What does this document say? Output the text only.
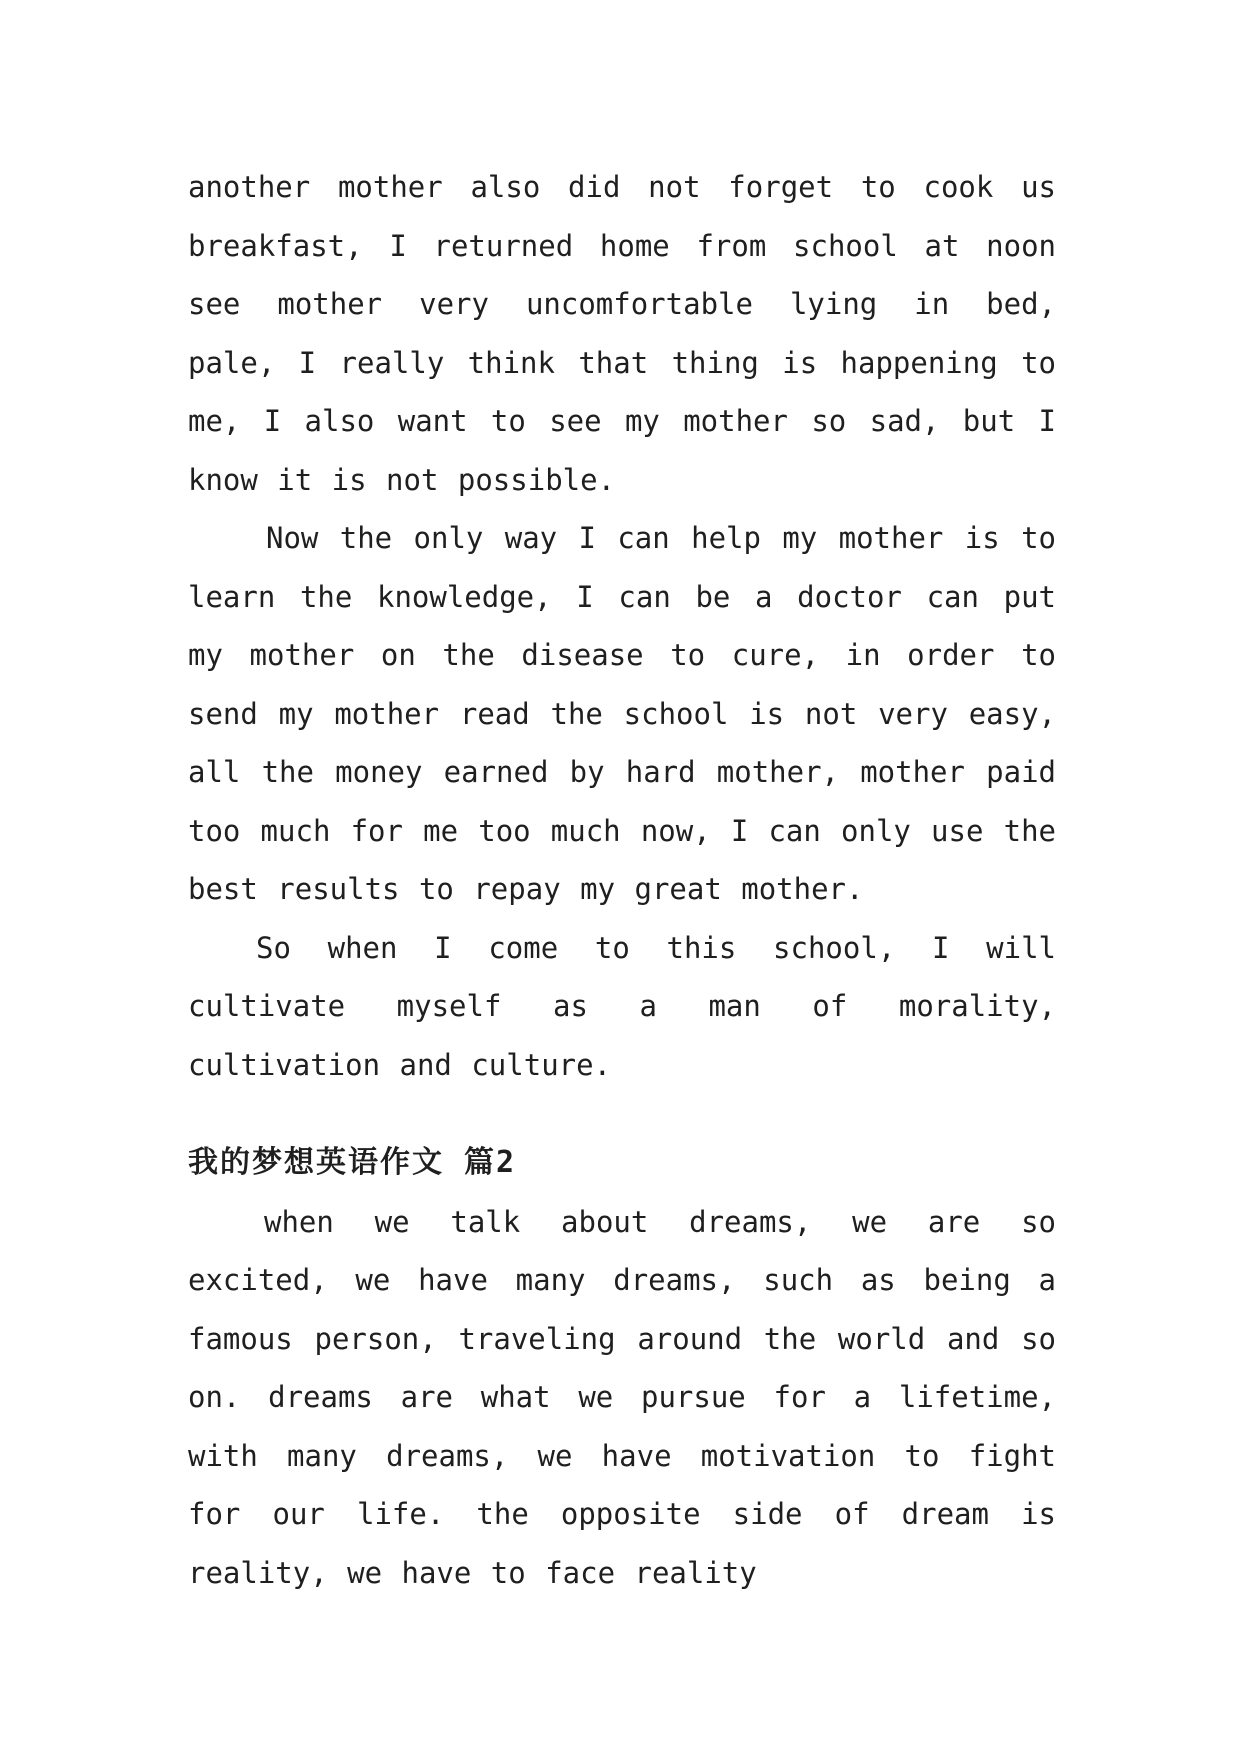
another mother also did not forget to cook us breakfast, I returned home from school at noon see mother very uncomfortable lying in bed, pale, I really think that thing is happening to me, I also want to see my mother so sad, but I know it is not possible.

Now the only way I can help my mother is to learn the knowledge, I can be a doctor can put my mother on the disease to cure, in order to send my mother read the school is not very easy, all the money earned by hard mother, mother paid too much for me too much now, I can only use the best results to repay my great mother.

So when I come to this school, I will cultivate myself as a man of morality, cultivation and culture.

我的梦想英语作文 篇2

when we talk about dreams, we are so excited, we have many dreams, such as being a famous person, traveling around the world and so on. dreams are what we pursue for a lifetime, with many dreams, we have motivation to fight for our life. the opposite side of dream is reality, we have to face reality
